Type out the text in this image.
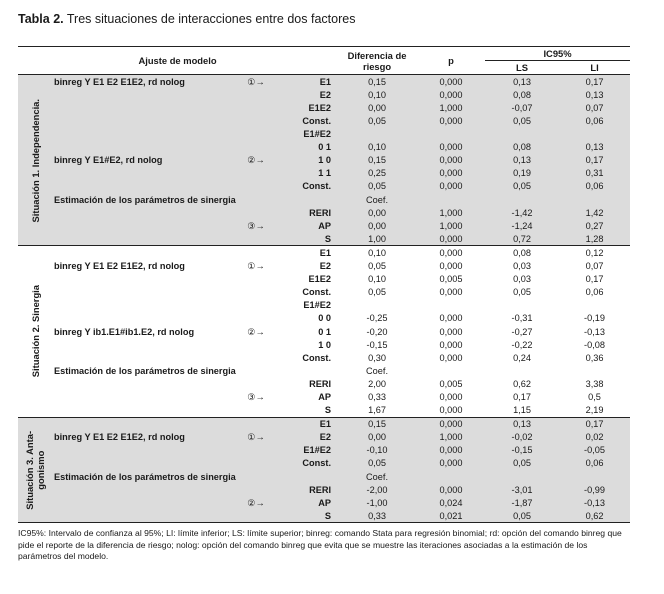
Tabla 2. Tres situaciones de interacciones entre dos factores
Ajuste de modelo				Diferencia de riesgo	p	IC95%	
						LS	LI

Situación 1. Independencia.	binreg Y E1 E2 E1E2, rd nolog	①→	E1	0,15	0,000	0,13	0,17
			E2	0,10	0,000	0,08	0,13
			E1E2	0,00	1,000	-0,07	0,07
			Const.	0,05	0,000	0,05	0,06
			E1#E2				
			0 1	0,10	0,000	0,08	0,13
	binreg Y E1#E2, rd nolog	②→	1 0	0,15	0,000	0,13	0,17
			1 1	0,25	0,000	0,19	0,31
			Const.	0,05	0,000	0,05	0,06
	Estimación de los parámetros de sinergia			Coef.			
			RERI	0,00	1,000	-1,42	1,42
		③→	AP	0,00	1,000	-1,24	0,27
			S	1,00	0,000	0,72	1,28

Situación 2. Sinergia			E1	0,10	0,000	0,08	0,12
	binreg Y E1 E2 E1E2, rd nolog	①→	E2	0,05	0,000	0,03	0,07
			E1E2	0,10	0,005	0,03	0,17
			Const.	0,05	0,000	0,05	0,06
			E1#E2				
			0 0	-0,25	0,000	-0,31	-0,19
	binreg Y ib1.E1#ib1.E2, rd nolog	②→	0 1	-0,20	0,000	-0,27	-0,13
			1 0	-0,15	0,000	-0,22	-0,08
			Const.	0,30	0,000	0,24	0,36
	Estimación de los parámetros de sinergia			Coef.			
			RERI	2,00	0,005	0,62	3,38
		③→	AP	0,33	0,000	0,17	0,5
			S	1,67	0,000	1,15	2,19

Situación 3. Anta- gonismo			E1	0,15	0,000	0,13	0,17
	binreg Y E1 E2 E1E2, rd nolog	①→	E2	0,00	1,000	-0,02	0,02
			E1#E2	-0,10	0,000	-0,15	-0,05
			Const.	0,05	0,000	0,05	0,06
	Estimación de los parámetros de sinergia			Coef.			
			RERI	-2,00	0,000	-3,01	-0,99
		②→	AP	-1,00	0,024	-1,87	-0,13
			S	0,33	0,021	0,05	0,62
IC95%: Intervalo de confianza al 95%; LI: límite inferior; LS: límite superior; binreg: comando Stata para regresión binomial; rd: opción del comando binreg que pide el reporte de la diferencia de riesgo; nolog: opción del comando binreg que evita que se muestre las iteraciones asociadas a la estimación de los parámetros del modelo.
